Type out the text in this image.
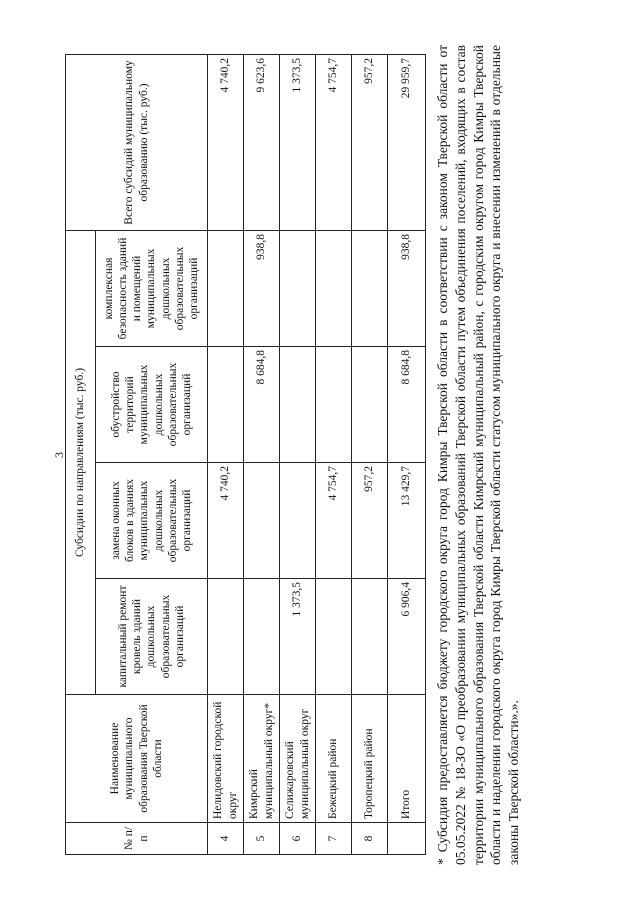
3
№ п/п	Наименование муниципального образования Тверской области	Субсидии по направлениям (тыс. руб.)				Всего субсидий муниципальному образованию (тыс. руб.)
		капитальный ремонт кровель зданий дошкольных образовательных организаций	замена оконных блоков в зданиях муниципальных дошкольных образовательных организаций	обустройство территорий муниципальных дошкольных образовательных организаций	комплексная безопасность зданий и помещений муниципальных дошкольных образовательных организаций	
4	Нелидовский городской округ		4 740,2			4 740,2
5	Кимрский муниципальный округ*			8 684,8	938,8	9 623,6
6	Селижаровский муниципальный округ	1 373,5				1 373,5
7	Бежецкий район		4 754,7			4 754,7
8	Торопецкий район		957,2			957,2
	Итого	6 906,4	13 429,7	8 684,8	938,8	29 959,7 * Субсидия предоставляется бюджету городского округа город Кимры Тверской области в соответствии с законом Тверской области от 05.05.2022 № 18-ЗО «О преобразовании муниципальных образований Тверской области путем объединения поселений, входящих в состав территории муниципального образования Тверской области Кимрский муниципальный район, с городским округом город Кимры Тверской области и наделении городского округа город Кимры Тверской области статусом муниципального округа и внесении изменений в отдельные законы Тверской области».».
